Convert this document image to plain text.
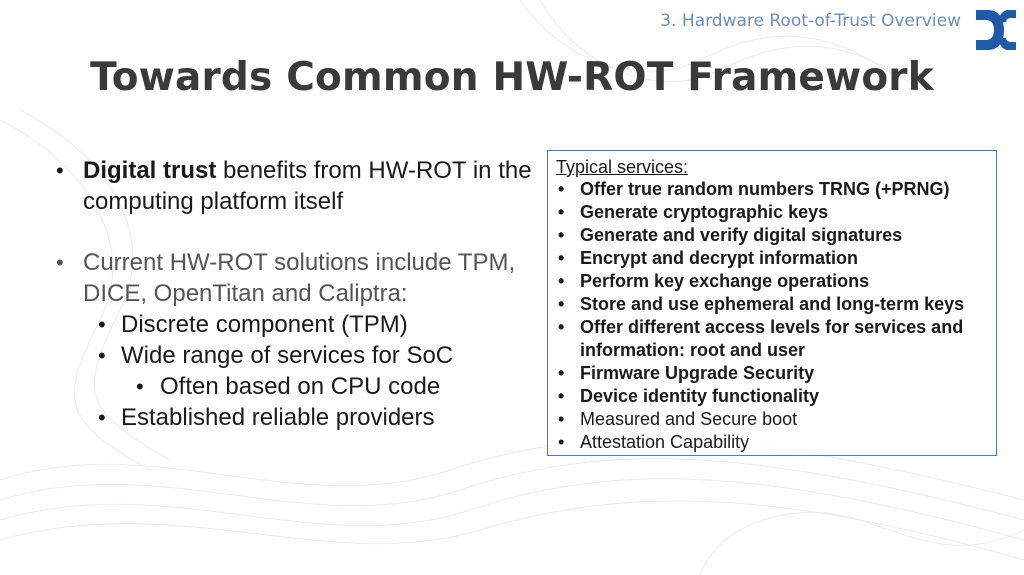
3. Hardware Root-of-Trust Overview
Towards Common HW-ROT Framework
• Digital trust benefits from HW-ROT in the computing platform itself
• Current HW-ROT solutions include TPM, DICE, OpenTitan and Caliptra:
• Discrete component (TPM)
• Wide range of services for SoC
• Often based on CPU code
• Established reliable providers
Typical services:
• Offer true random numbers TRNG (+PRNG)
• Generate cryptographic keys
• Generate and verify digital signatures
• Encrypt and decrypt information
• Perform key exchange operations
• Store and use ephemeral and long-term keys
• Offer different access levels for services and information: root and user
• Firmware Upgrade Security
• Device identity functionality
• Measured and Secure boot
• Attestation Capability
